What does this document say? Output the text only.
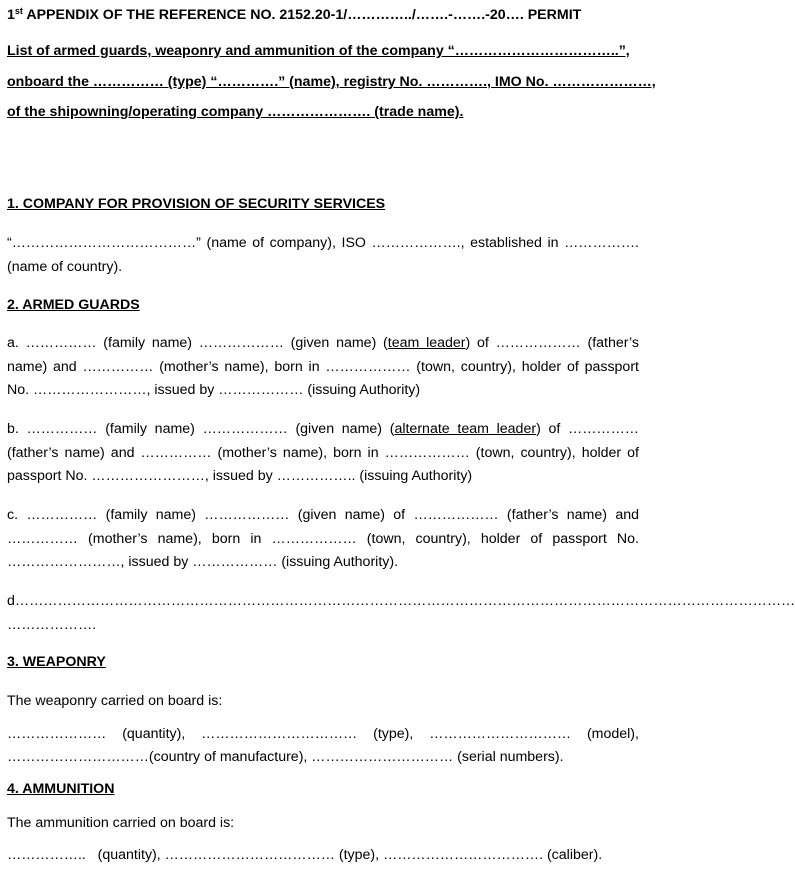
1st APPENDIX OF THE REFERENCE NO. 2152.20-1/…………../…….-…….-20…. PERMIT

List of armed guards, weaponry and ammunition of the company “……………………………..”,

onboard the …………… (type) “………….” (name), registry No. …………., IMO No. …………………,

of the shipowning/operating company …………………. (trade name).

1. COMPANY FOR PROVISION OF SECURITY SERVICES

“…………………………………” (name of company), ISO ………………., established in ……………. (name of country).

2. ARMED GUARDS

a. …………… (family name) ……………… (given name) (team leader) of ……………… (father’s name) and …………… (mother’s name), born in ……………… (town, country), holder of passport No. ……………………, issued by ……………… (issuing Authority)

b. …………… (family name) ……………… (given name) (alternate team leader) of …………… (father’s name) and …………… (mother’s name), born in ……………… (town, country), holder of passport No. ……………………, issued by …………….. (issuing Authority)

c. …………… (family name) ……………… (given name) of ……………… (father’s name) and …………… (mother’s name), born in ……………… (town, country), holder of passport No. ……………………, issued by ……………… (issuing Authority).

d…………………………………………………………………………………………………………………………………………………

……………….

3. WEAPONRY

The weaponry carried on board is:

………………… (quantity), …………………………… (type), ………………………… (model),

…………………………(country of manufacture), ………………………… (serial numbers).

4. AMMUNITION

The ammunition carried on board is:

……………..   (quantity), ……………………………… (type), ……………………………. (caliber).
